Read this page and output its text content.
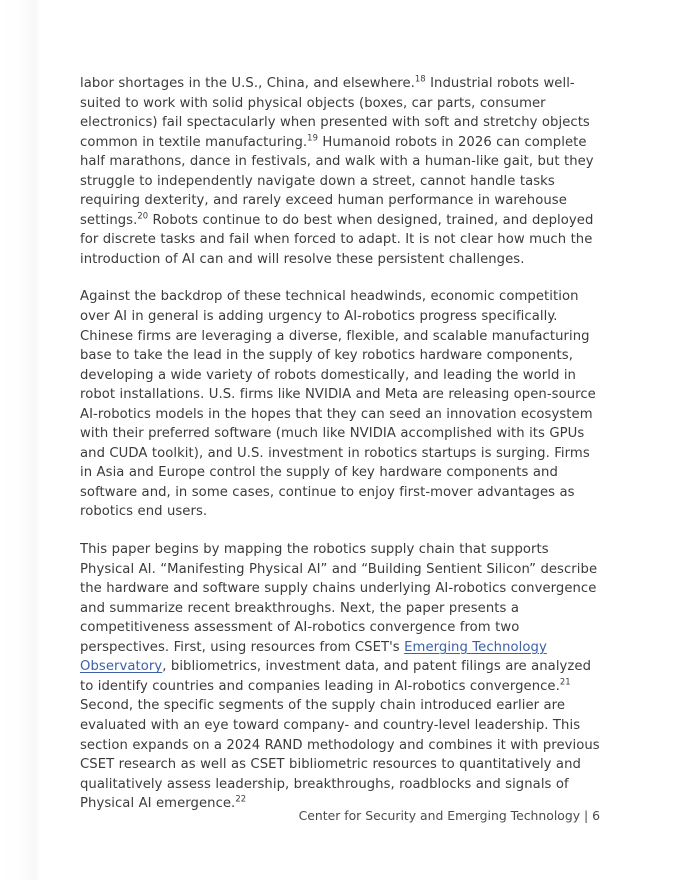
labor shortages in the U.S., China, and elsewhere.$^{18}$ Industrial robots well-suited to work with solid physical objects (boxes, car parts, consumer electronics) fail spectacularly when presented with soft and stretchy objects common in textile manufacturing.$^{19}$ Humanoid robots in 2026 can complete half marathons, dance in festivals, and walk with a human-like gait, but they struggle to independently navigate down a street, cannot handle tasks requiring dexterity, and rarely exceed human performance in warehouse settings.$^{20}$ Robots continue to do best when designed, trained, and deployed for discrete tasks and fail when forced to adapt. It is not clear how much the introduction of AI can and will resolve these persistent challenges.

Against the backdrop of these technical headwinds, economic competition over AI in general is adding urgency to AI-robotics progress specifically. Chinese firms are leveraging a diverse, flexible, and scalable manufacturing base to take the lead in the supply of key robotics hardware components, developing a wide variety of robots domestically, and leading the world in robot installations. U.S. firms like NVIDIA and Meta are releasing open-source AI-robotics models in the hopes that they can seed an innovation ecosystem with their preferred software (much like NVIDIA accomplished with its GPUs and CUDA toolkit), and U.S. investment in robotics startups is surging. Firms in Asia and Europe control the supply of key hardware components and software and, in some cases, continue to enjoy first-mover advantages as robotics end users.

This paper begins by mapping the robotics supply chain that supports Physical AI. “Manifesting Physical AI” and “Building Sentient Silicon” describe the hardware and software supply chains underlying AI-robotics convergence and summarize recent breakthroughs. Next, the paper presents a competitiveness assessment of AI-robotics convergence from two perspectives. First, using resources from CSET's Emerging Technology Observatory, bibliometrics, investment data, and patent filings are analyzed to identify countries and companies leading in AI-robotics convergence.$^{21}$ Second, the specific segments of the supply chain introduced earlier are evaluated with an eye toward company- and country-level leadership. This section expands on a 2024 RAND methodology and combines it with previous CSET research as well as CSET bibliometric resources to quantitatively and qualitatively assess leadership, breakthroughs, roadblocks and signals of Physical AI emergence.$^{22}$

Center for Security and Emerging Technology | 6
